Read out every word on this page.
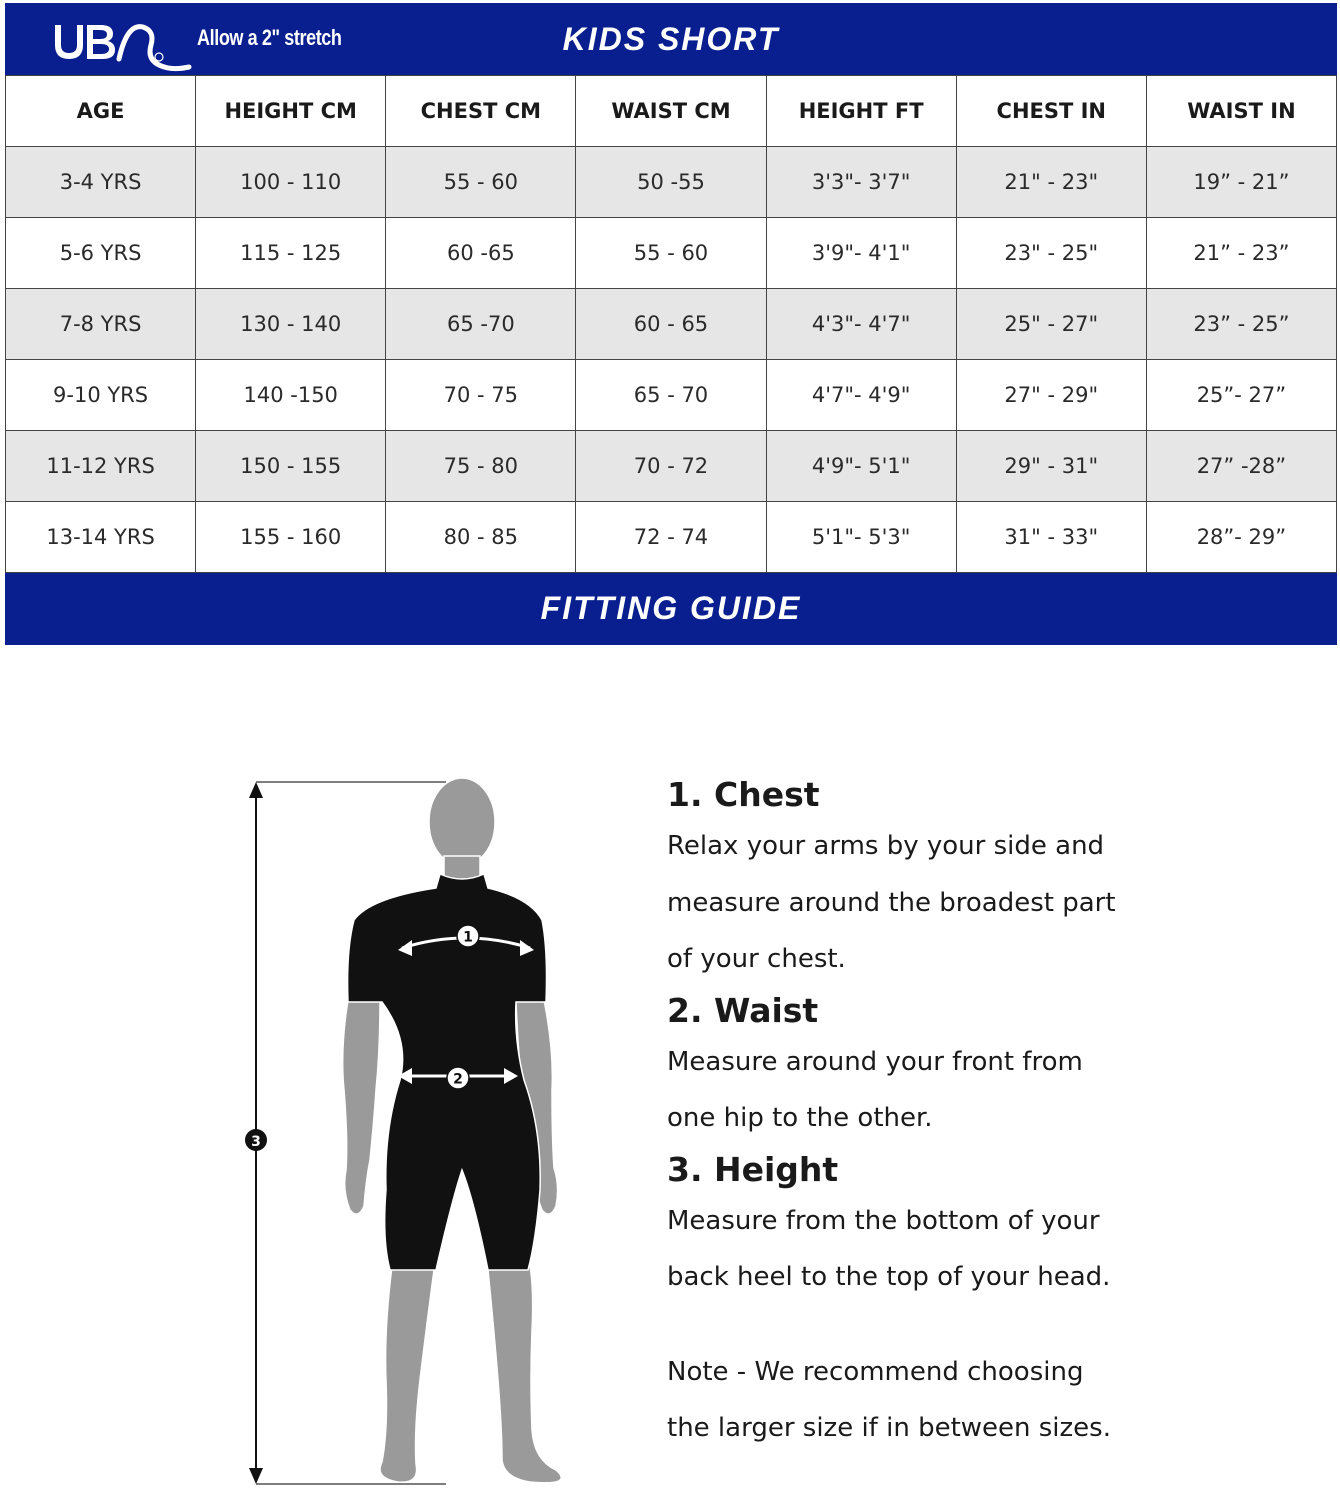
Allow a 2" stretch	KIDS SHORT
AGE	HEIGHT CM	CHEST CM	WAIST CM	HEIGHT FT	CHEST IN	WAIST IN
3-4 YRS	100 - 110	55 - 60	50 -55	3'3"- 3'7"	21" - 23"	19” - 21”
5-6 YRS	115 - 125	60 -65	55 - 60	3'9"- 4'1"	23" - 25"	21” - 23”
7-8 YRS	130 - 140	65 -70	60 - 65	4'3"- 4'7"	25" - 27"	23” - 25”
9-10 YRS	140 -150	70 - 75	65 - 70	4'7"- 4'9"	27" - 29"	25”- 27”
11-12 YRS	150 - 155	75 - 80	70 - 72	4'9"- 5'1"	29" - 31"	27” -28”
13-14 YRS	155 - 160	80 - 85	72 - 74	5'1"- 5'3"	31" - 33"	28”- 29”
FITTING GUIDE
3
1
2
1. Chest

Relax your arms by your side and

measure around the broadest part

of your chest.

2. Waist

Measure around your front from

one hip to the other.

3. Height

Measure from the bottom of your

back heel to the top of your head.

Note - We recommend choosing

the larger size if in between sizes.
